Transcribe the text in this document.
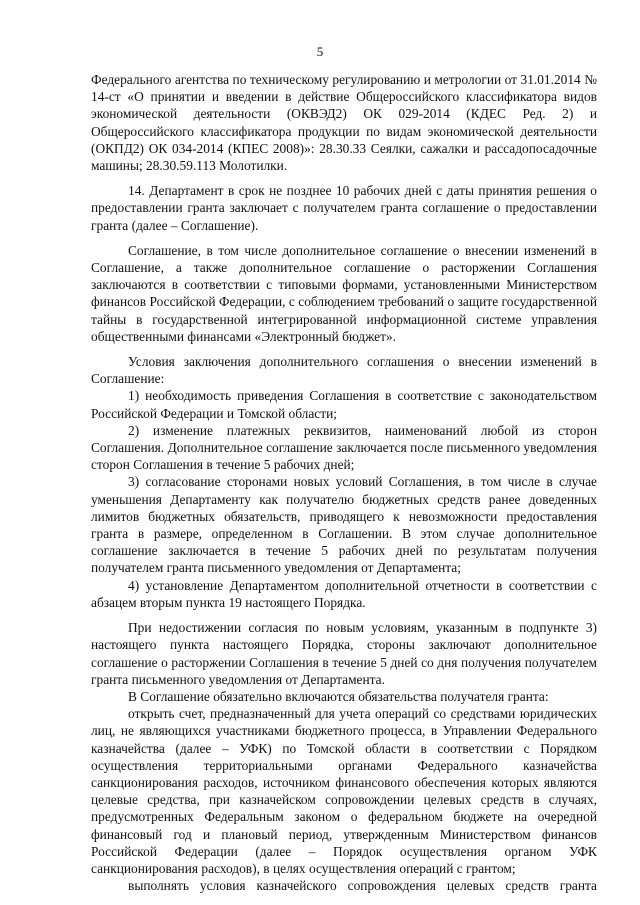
5

Федерального агентства по техническому регулированию и метрологии от 31.01.2014 № 14-ст «О принятии и введении в действие Общероссийского классификатора видов экономической деятельности (ОКВЭД2) ОК 029-2014 (КДЕС Ред. 2) и Общероссийского классификатора продукции по видам экономической деятельности (ОКПД2) ОК 034-2014 (КПЕС 2008)»: 28.30.33 Сеялки, сажалки и рассадопосадочные машины; 28.30.59.113 Молотилки.

14. Департамент в срок не позднее 10 рабочих дней с даты принятия решения о предоставлении гранта заключает с получателем гранта соглашение о предоставлении гранта (далее – Соглашение).

Соглашение, в том числе дополнительное соглашение о внесении изменений в Соглашение, а также дополнительное соглашение о расторжении Соглашения заключаются в соответствии с типовыми формами, установленными Министерством финансов Российской Федерации, с соблюдением требований о защите государственной тайны в государственной интегрированной информационной системе управления общественными финансами «Электронный бюджет».

Условия заключения дополнительного соглашения о внесении изменений в Соглашение:

1) необходимость приведения Соглашения в соответствие с законодательством Российской Федерации и Томской области;

2) изменение платежных реквизитов, наименований любой из сторон Соглашения. Дополнительное соглашение заключается после письменного уведомления сторон Соглашения в течение 5 рабочих дней;

3) согласование сторонами новых условий Соглашения, в том числе в случае уменьшения Департаменту как получателю бюджетных средств ранее доведенных лимитов бюджетных обязательств, приводящего к невозможности предоставления гранта в размере, определенном в Соглашении. В этом случае дополнительное соглашение заключается в течение 5 рабочих дней по результатам получения получателем гранта письменного уведомления от Департамента;

4) установление Департаментом дополнительной отчетности в соответствии с абзацем вторым пункта 19 настоящего Порядка.

При недостижении согласия по новым условиям, указанным в подпункте 3) настоящего пункта настоящего Порядка, стороны заключают дополнительное соглашение о расторжении Соглашения в течение 5 дней со дня получения получателем гранта письменного уведомления от Департамента.

В Соглашение обязательно включаются обязательства получателя гранта:

открыть счет, предназначенный для учета операций со средствами юридических лиц, не являющихся участниками бюджетного процесса, в Управлении Федерального казначейства (далее – УФК) по Томской области в соответствии с Порядком осуществления территориальными органами Федерального казначейства санкционирования расходов, источником финансового обеспечения которых являются целевые средства, при казначейском сопровождении целевых средств в случаях, предусмотренных Федеральным законом о федеральном бюджете на очередной финансовый год и плановый период, утвержденным Министерством финансов Российской Федерации (далее – Порядок осуществления органом УФК санкционирования расходов), в целях осуществления операций с грантом;

выполнять условия казначейского сопровождения целевых средств гранта
